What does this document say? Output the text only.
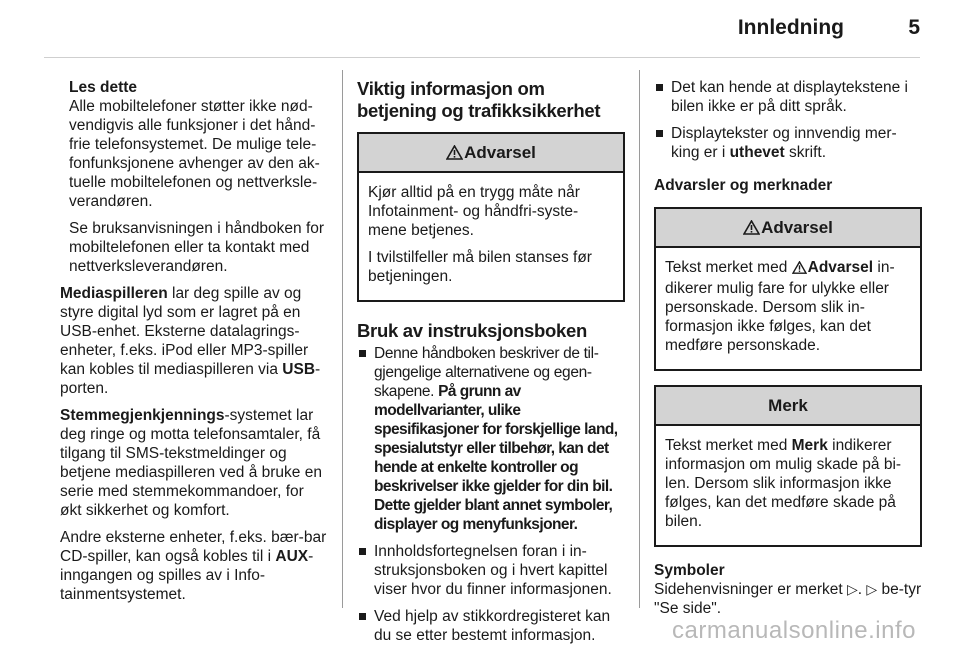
Innledning	5

Les dette

Alle mobiltelefoner støtter ikke nød-vendigvis alle funksjoner i det hånd-frie telefonsystemet. De mulige tele-fonfunksjonene avhenger av den ak-tuelle mobiltelefonen og nettverksle-verandøren.

Se bruksanvisningen i håndboken for mobiltelefonen eller ta kontakt med nettverksleverandøren.

Mediaspilleren lar deg spille av og styre digital lyd som er lagret på en USB-enhet. Eksterne datalagrings-enheter, f.eks. iPod eller MP3-spiller kan kobles til mediaspilleren via USB-porten.

Stemmegjenkjennings-systemet lar deg ringe og motta telefonsamtaler, få tilgang til SMS-tekstmeldinger og betjene mediaspilleren ved å bruke en serie med stemmekommandoer, for økt sikkerhet og komfort.

Andre eksterne enheter, f.eks. bær-bar CD-spiller, kan også kobles til i AUX-inngangen og spilles av i Info-tainmentsystemet.

Viktig informasjon om betjening og trafikksikkerhet
Advarsel

Kjør alltid på en trygg måte når Infotainment- og håndfri-syste-mene betjenes.

I tvilstilfeller må bilen stanses før betjeningen.

Bruk av instruksjonsboken
Denne håndboken beskriver de til-gjengelige alternativene og egen-skapene. På grunn av modellvarianter, ulike spesifikasjoner for forskjellige land, spesialutstyr eller tilbehør, kan det hende at enkelte kontroller og beskrivelser ikke gjelder for din bil. Dette gjelder blant annet symboler, displayer og menyfunksjoner.
Innholdsfortegnelsen foran i in-struksjonsboken og i hvert kapittel viser hvor du finner informasjonen.
Ved hjelp av stikkordregisteret kan du se etter bestemt informasjon.
Det kan hende at displaytekstene i bilen ikke er på ditt språk.
Displaytekster og innvendig mer-king er i uthevet skrift.
Advarsler og merknader
Advarsel

Tekst merket med Advarsel in-dikerer mulig fare for ulykke eller personskade. Dersom slik in-formasjon ikke følges, kan det medføre personskade.

Merk

Tekst merket med Merk indikerer informasjon om mulig skade på bi-len. Dersom slik informasjon ikke følges, kan det medføre skade på bilen.

Symboler

Sidehenvisninger er merket ▷. ▷ be-tyr "Se side".

carmanualsonline.info
